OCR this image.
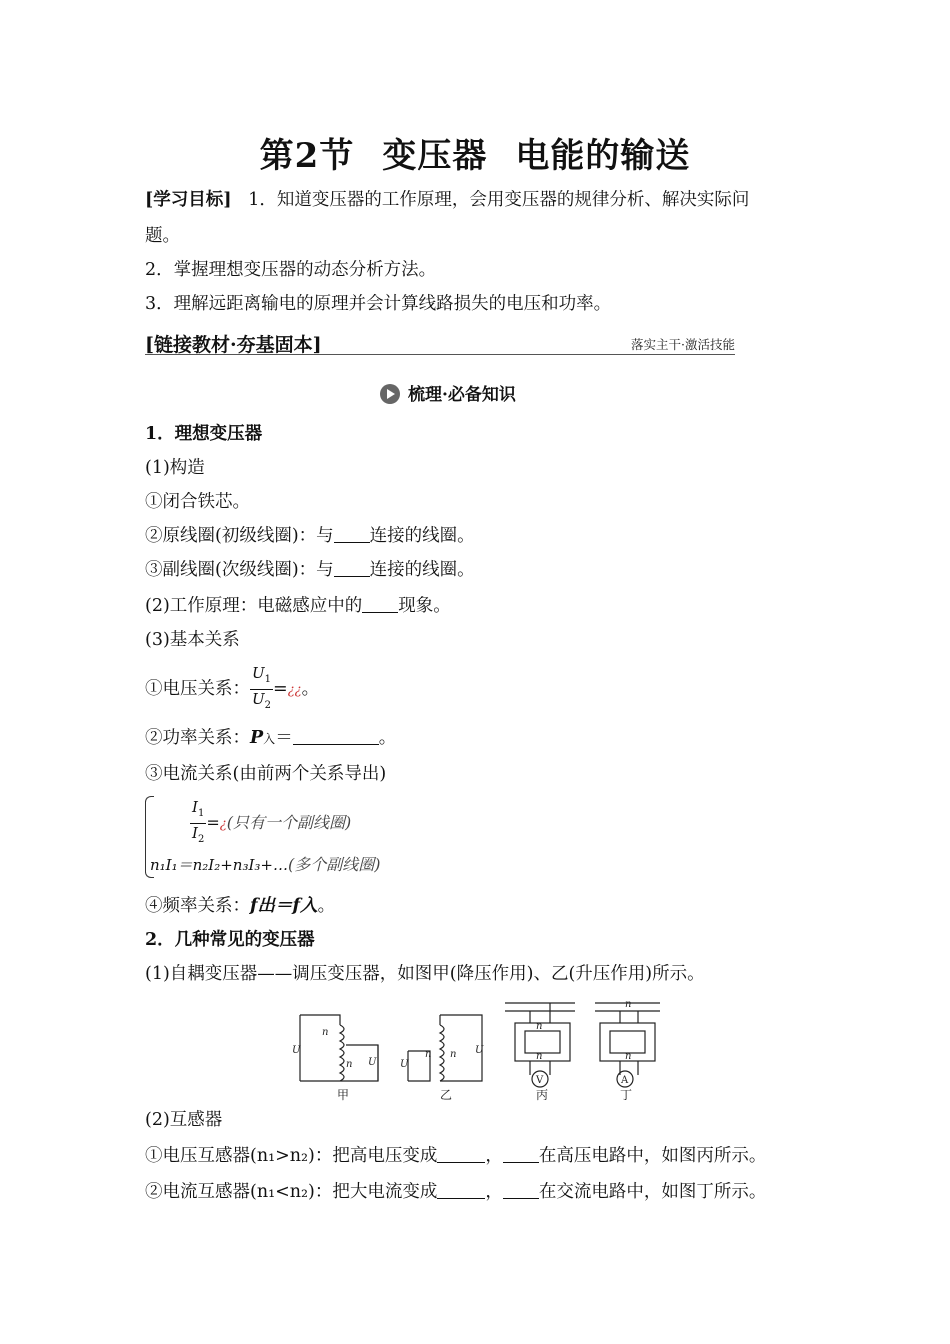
第2节 变压器 电能的输送
[学习目标] 1．知道变压器的工作原理，会用变压器的规律分析、解决实际问
题。
2．掌握理想变压器的动态分析方法。
3．理解远距离输电的原理并会计算线路损失的电压和功率。
[链接教材·夯基固本]	落实主干·激活技能
梳理·必备知识
1．理想变压器
(1)构造
①闭合铁芯。
②原线圈(初级线圈)：与 连接的线圈。
③副线圈(次级线圈)：与 连接的线圈。
(2)工作原理：电磁感应中的 现象。
(3)基本关系
①电压关系： $\frac{U_1}{U_2}$ =¿¿。
②功率关系：P入＝	。
③电流关系(由前两个关系导出)
$\frac{I_1}{I_2}$ =¿(只有一个副线圈)
n₁I₁＝n₂I₂+n₃I₃+…(多个副线圈)
④频率关系：f出＝f入。
2．几种常见的变压器
(1)自耦变压器——调压变压器，如图甲(降压作用)、乙(升压作用)所示。
U
U
n
n	U
U
n n
n
n
n
n
V	A
甲	乙	丙	丁
(2)互感器
①电压互感器(n₁>n₂)：把高电压变成	， 在高压电路中，如图丙所示。
②电流互感器(n₁<n₂)：把大电流变成	， 在交流电路中，如图丁所示。
